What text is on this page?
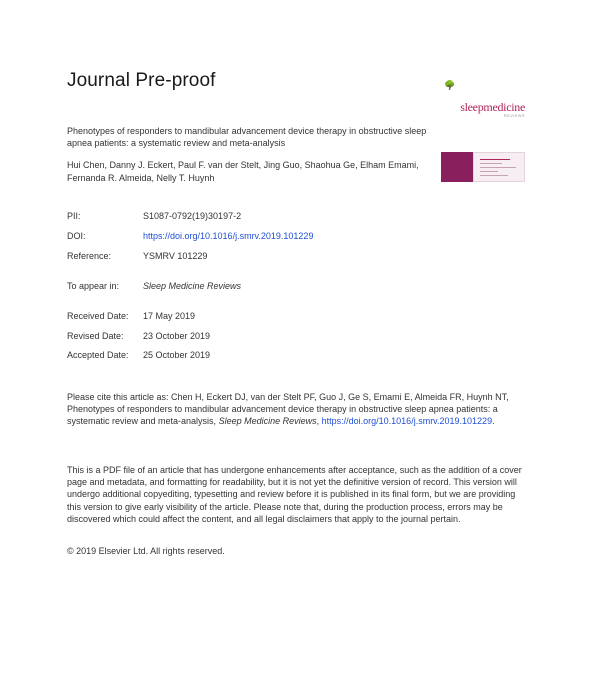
Journal Pre-proof	🌳
sleepmedicine
REVIEWS
Phenotypes of responders to mandibular advancement device therapy in obstructive sleep apnea patients: a systematic review and meta-analysis
Hui Chen, Danny J. Eckert, Paul F. van der Stelt, Jing Guo, Shaohua Ge, Elham Emami, Fernanda R. Almeida, Nelly T. Huynh
PII:	S1087-0792(19)30197-2
DOI:	https://doi.org/10.1016/j.smrv.2019.101229
Reference:	YSMRV 101229
To appear in:	Sleep Medicine Reviews
Received Date: 17 May 2019
Revised Date: 23 October 2019
Accepted Date: 25 October 2019
Please cite this article as: Chen H, Eckert DJ, van der Stelt PF, Guo J, Ge S, Emami E, Almeida FR, Huynh NT, Phenotypes of responders to mandibular advancement device therapy in obstructive sleep apnea patients: a systematic review and meta-analysis, Sleep Medicine Reviews, https://doi.org/10.1016/j.smrv.2019.101229.
This is a PDF file of an article that has undergone enhancements after acceptance, such as the addition of a cover page and metadata, and formatting for readability, but it is not yet the definitive version of record. This version will undergo additional copyediting, typesetting and review before it is published in its final form, but we are providing this version to give early visibility of the article. Please note that, during the production process, errors may be discovered which could affect the content, and all legal disclaimers that apply to the journal pertain.
© 2019 Elsevier Ltd. All rights reserved.
